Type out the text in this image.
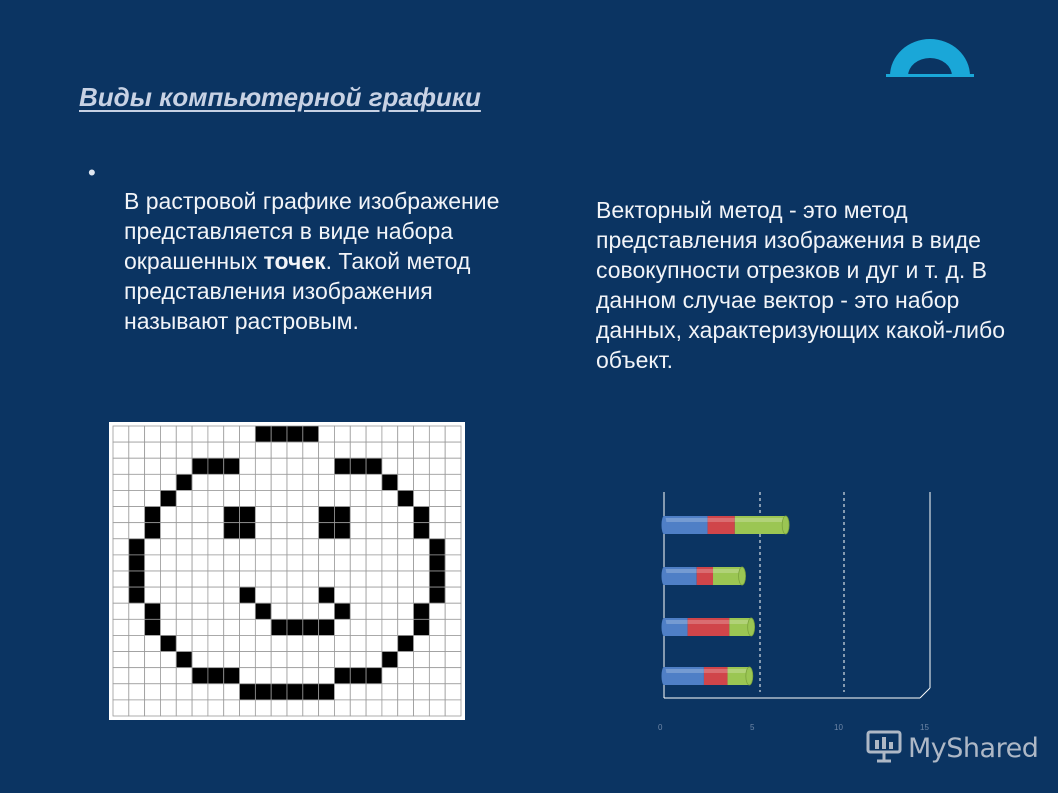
Виды компьютерной графики
•
В растровой графике изображение представляется в виде набора окрашенных точек. Такой метод представления изображения называют растровым.
Векторный метод - это метод представления изображения в виде совокупности отрезков и дуг и т. д. В данном случае вектор - это набор данных, характеризующих какой-либо объект.
0	5	10	15
MyShared
